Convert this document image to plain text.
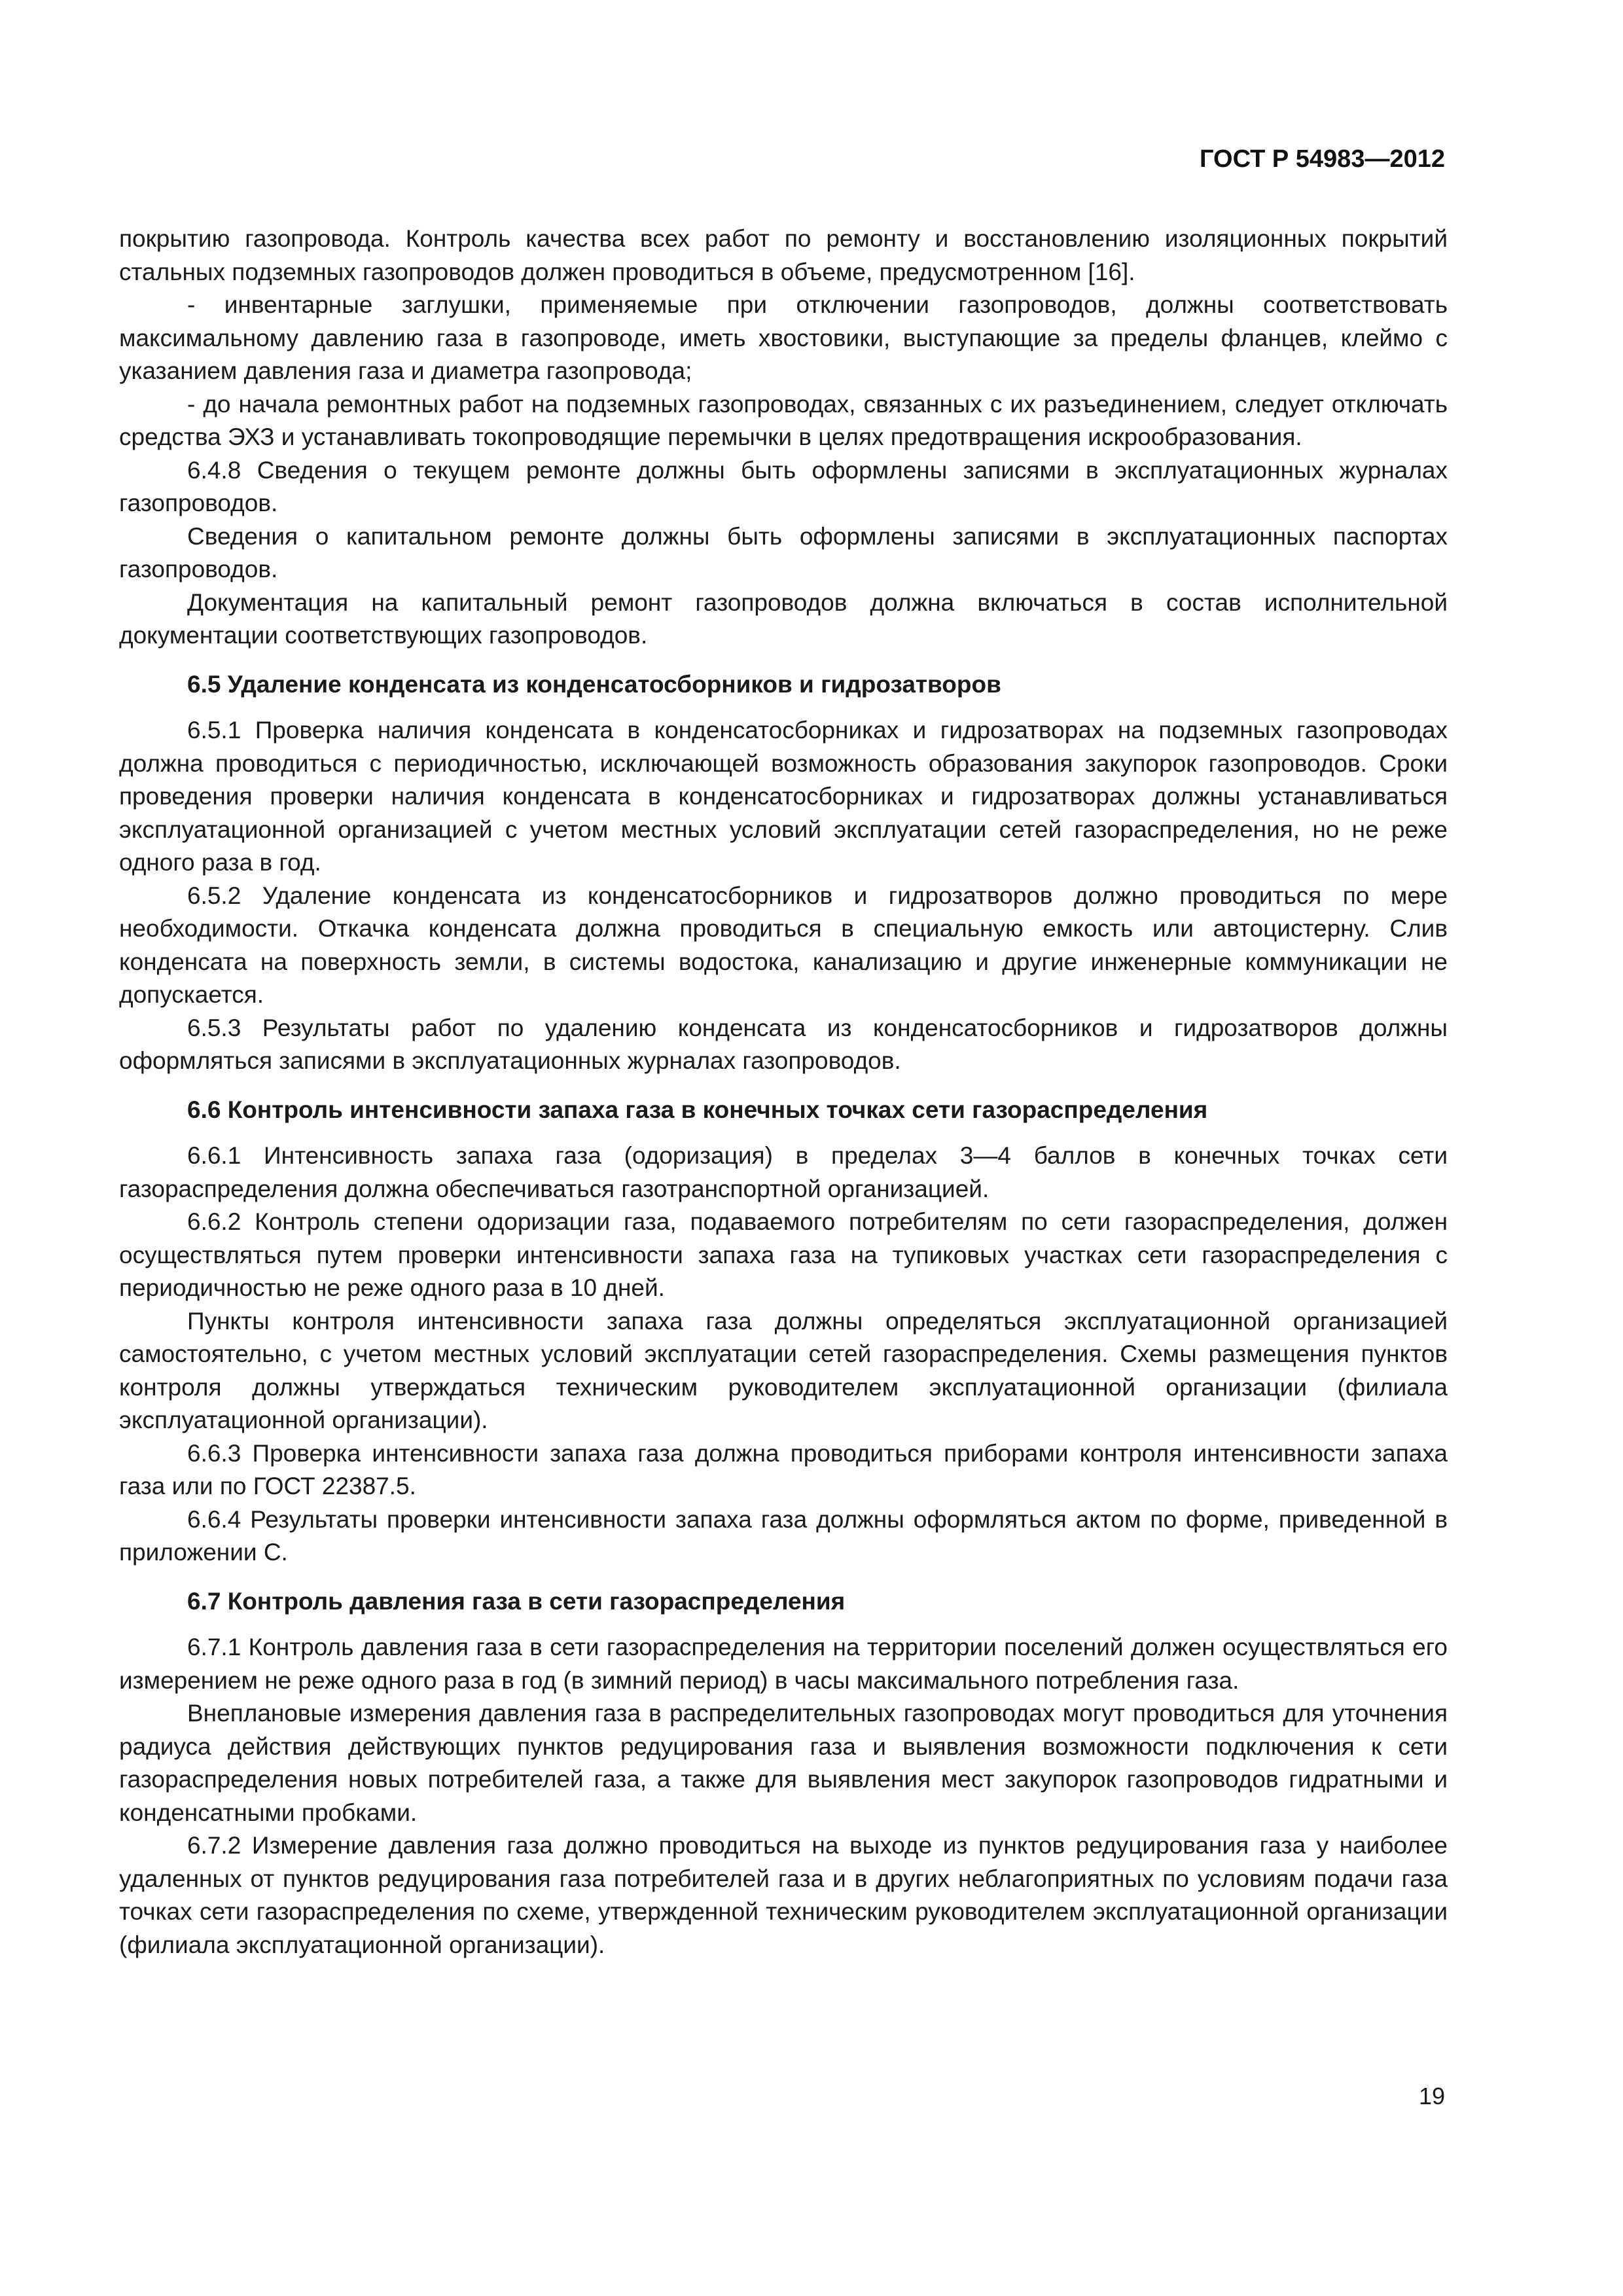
ГОСТ Р 54983—2012

покрытию газопровода. Контроль качества всех работ по ремонту и восстановлению изоляционных покрытий стальных подземных газопроводов должен проводиться в объеме, предусмотренном [16].

- инвентарные заглушки, применяемые при отключении газопроводов, должны соответствовать максимальному давлению газа в газопроводе, иметь хвостовики, выступающие за пределы фланцев, клеймо с указанием давления газа и диаметра газопровода;

- до начала ремонтных работ на подземных газопроводах, связанных с их разъединением, следует отключать средства ЭХЗ и устанавливать токопроводящие перемычки в целях предотвращения искрообразования.

6.4.8 Сведения о текущем ремонте должны быть оформлены записями в эксплуатационных журналах газопроводов.

Сведения о капитальном ремонте должны быть оформлены записями в эксплуатационных паспортах газопроводов.

Документация на капитальный ремонт газопроводов должна включаться в состав исполнительной документации соответствующих газопроводов.

6.5 Удаление конденсата из конденсатосборников и гидрозатворов

6.5.1 Проверка наличия конденсата в конденсатосборниках и гидрозатворах на подземных газопроводах должна проводиться с периодичностью, исключающей возможность образования закупорок газопроводов. Сроки проведения проверки наличия конденсата в конденсатосборниках и гидрозатворах должны устанавливаться эксплуатационной организацией с учетом местных условий эксплуатации сетей газораспределения, но не реже одного раза в год.

6.5.2 Удаление конденсата из конденсатосборников и гидрозатворов должно проводиться по мере необходимости. Откачка конденсата должна проводиться в специальную емкость или автоцистерну. Слив конденсата на поверхность земли, в системы водостока, канализацию и другие инженерные коммуникации не допускается.

6.5.3 Результаты работ по удалению конденсата из конденсатосборников и гидрозатворов должны оформляться записями в эксплуатационных журналах газопроводов.

6.6 Контроль интенсивности запаха газа в конечных точках сети газораспределения

6.6.1 Интенсивность запаха газа (одоризация) в пределах 3—4 баллов в конечных точках сети газораспределения должна обеспечиваться газотранспортной организацией.

6.6.2 Контроль степени одоризации газа, подаваемого потребителям по сети газораспределения, должен осуществляться путем проверки интенсивности запаха газа на тупиковых участках сети газораспределения с периодичностью не реже одного раза в 10 дней.

Пункты контроля интенсивности запаха газа должны определяться эксплуатационной организацией самостоятельно, с учетом местных условий эксплуатации сетей газораспределения. Схемы размещения пунктов контроля должны утверждаться техническим руководителем эксплуатационной организации (филиала эксплуатационной организации).

6.6.3 Проверка интенсивности запаха газа должна проводиться приборами контроля интенсивности запаха газа или по ГОСТ 22387.5.

6.6.4 Результаты проверки интенсивности запаха газа должны оформляться актом по форме, приведенной в приложении С.

6.7 Контроль давления газа в сети газораспределения

6.7.1 Контроль давления газа в сети газораспределения на территории поселений должен осуществляться его измерением не реже одного раза в год (в зимний период) в часы максимального потребления газа.

Внеплановые измерения давления газа в распределительных газопроводах могут проводиться для уточнения радиуса действия действующих пунктов редуцирования газа и выявления возможности подключения к сети газораспределения новых потребителей газа, а также для выявления мест закупорок газопроводов гидратными и конденсатными пробками.

6.7.2 Измерение давления газа должно проводиться на выходе из пунктов редуцирования газа у наиболее удаленных от пунктов редуцирования газа потребителей газа и в других неблагоприятных по условиям подачи газа точках сети газораспределения по схеме, утвержденной техническим руководителем эксплуатационной организации (филиала эксплуатационной организации).

19
